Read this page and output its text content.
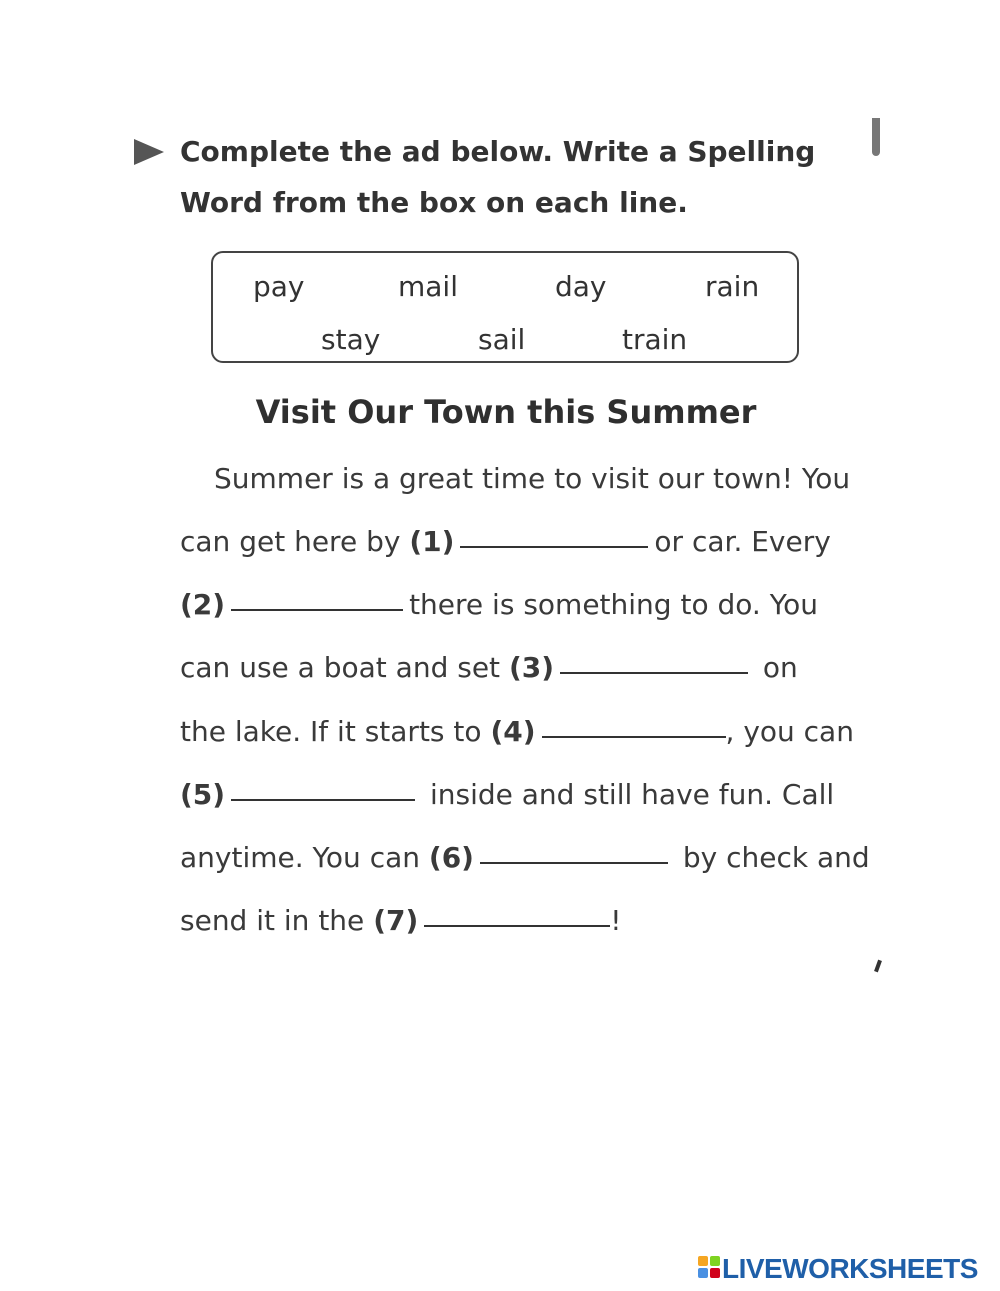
Complete the ad below. Write a Spelling
Word from the box on each line.
pay	mail	day	rain
stay	sail	train
Visit Our Town this Summer
Summer is a great time to visit our town! You
can get here by (1)	or car. Every
(2)	there is something to do. You
can use a boat and set (3)	on
the lake. If it starts to (4)	, you can
(5)	inside and still have fun. Call
anytime. You can (6)	by check and
send it in the (7)	!
LIVEWORKSHEETS
